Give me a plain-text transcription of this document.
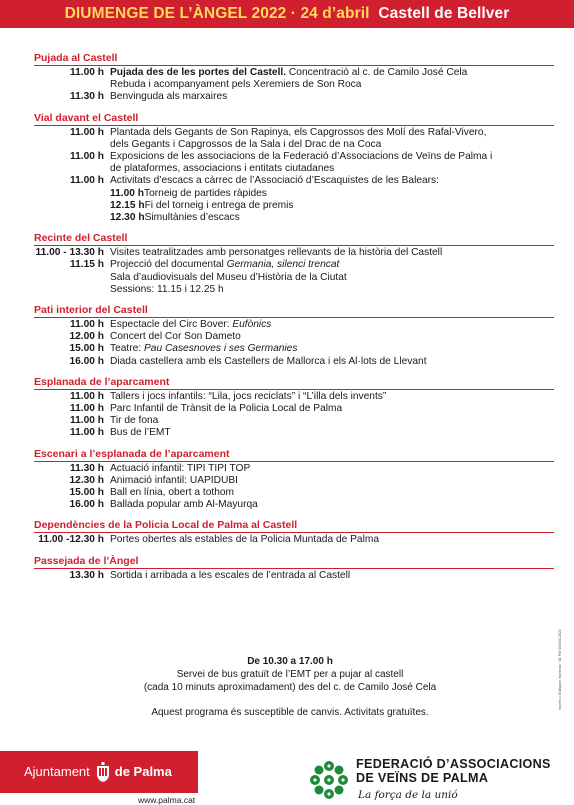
DIUMENGE DE L’ÀNGEL 2022 · 24 d’abril Castell de Bellver
Pujada al Castell
11.00 h Pujada des de les portes del Castell. Concentració al c. de Camilo José Cela
Rebuda i acompanyament pels Xeremiers de Son Roca
11.30 h Benvinguda als marxaires
Vial davant el Castell
11.00 h Plantada dels Gegants de Son Rapinya, els Capgrossos des Molí des Rafal-Vivero,
dels Gegants i Capgrossos de la Sala i del Drac de na Coca
11.00 h Exposicions de les associacions de la Federació d’Associacions de Veïns de Palma i
de plataformes, associacions i entitats ciutadanes
11.00 h Activitats d’escacs a càrrec de l’Associació d’Escaquistes de les Balears:
11.00 h Torneig de partides ràpides
12.15 h Fi del torneig i entrega de premis
12.30 h Simultànies d’escacs
Recinte del Castell
11.00 - 13.30 h Visites teatralitzades amb personatges rellevants de la història del Castell
11.15 h Projecció del documental Germania, silenci trencat
Sala d’audiovisuals del Museu d’Història de la Ciutat
Sessions: 11.15 i 12.25 h
Pati interior del Castell
11.00 h Espectacle del Circ Bover: Eufònics
12.00 h Concert del Cor Son Dameto
15.00 h Teatre: Pau Casesnoves i ses Germanies
16.00 h Diada castellera amb els Castellers de Mallorca i els Al·lots de Llevant
Esplanada de l’aparcament
11.00 h Tallers i jocs infantils: “Lila, jocs reciclats” i “L’illa dels invents”
11.00 h Parc Infantil de Trànsit de la Policia Local de Palma
11.00 h Tir de fona
11.00 h Bus de l’EMT
Escenari a l’esplanada de l’aparcament
11.30 h Actuació infantil: TIPI TIPI TOP
12.30 h Animació infantil: UAPIDUBI
15.00 h Ball en línia, obert a tothom
16.00 h Ballada popular amb Al-Mayurqa
Dependències de la Policia Local de Palma al Castell
11.00 -12.30 h Portes obertes als estables de la Policia Muntada de Palma
Passejada de l’Àngel
13.30 h Sortida i arribada a les escales de l’entrada al Castell
De 10.30 a 17.00 h
Servei de bus gratuït de l’EMT per a pujar al castell
(cada 10 minuts aproximadament) des del c. de Camilo José Cela
Aquest programa és susceptible de canvis. Activitats gratuïtes.
Imprès a Gràfiques Impremta · DL PM 000000-2022
Ajuntament de Palma
www.palma.cat
FEDERACIÓ D’ASSOCIACIONS
DE VEÏNS DE PALMA
La força de la unió
